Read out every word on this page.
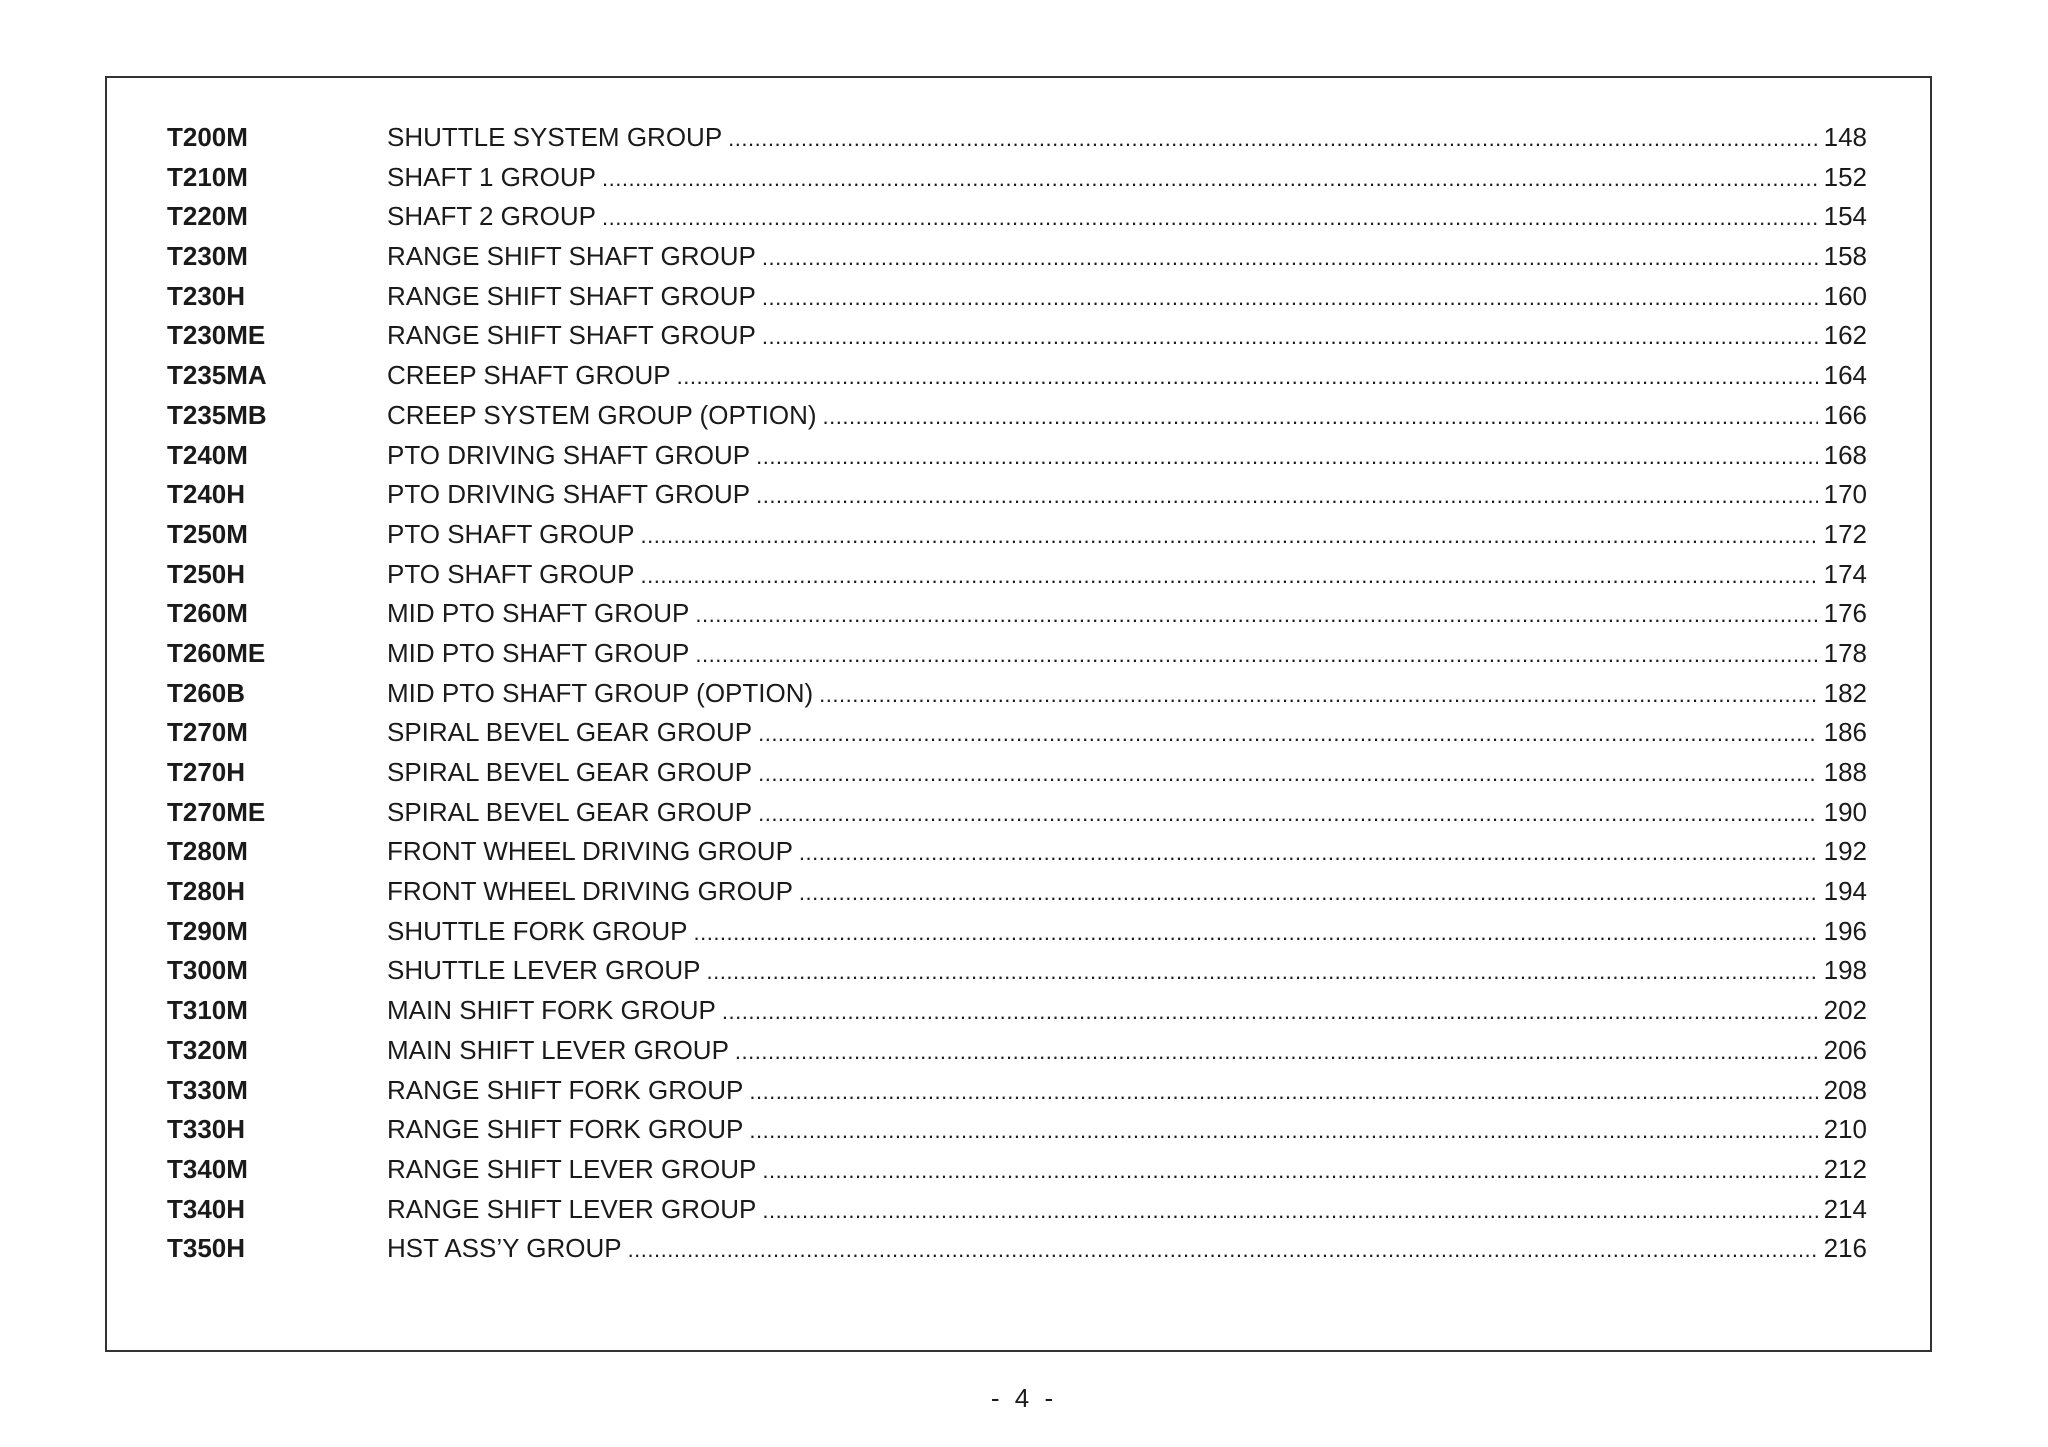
T200M	SHUTTLE SYSTEM GROUP .....	148
T210M	SHAFT 1 GROUP .....	152
T220M	SHAFT 2 GROUP .....	154
T230M	RANGE SHIFT SHAFT GROUP .....	158
T230H	RANGE SHIFT SHAFT GROUP .....	160
T230ME	RANGE SHIFT SHAFT GROUP .....	162
T235MA	CREEP SHAFT GROUP .....	164
T235MB	CREEP SYSTEM GROUP (OPTION) .....	166
T240M	PTO DRIVING SHAFT GROUP .....	168
T240H	PTO DRIVING SHAFT GROUP .....	170
T250M	PTO SHAFT GROUP .....	172
T250H	PTO SHAFT GROUP .....	174
T260M	MID PTO SHAFT GROUP .....	176
T260ME	MID PTO SHAFT GROUP .....	178
T260B	MID PTO SHAFT GROUP (OPTION) .....	182
T270M	SPIRAL BEVEL GEAR GROUP .....	186
T270H	SPIRAL BEVEL GEAR GROUP .....	188
T270ME	SPIRAL BEVEL GEAR GROUP .....	190
T280M	FRONT WHEEL DRIVING GROUP .....	192
T280H	FRONT WHEEL DRIVING GROUP .....	194
T290M	SHUTTLE FORK GROUP .....	196
T300M	SHUTTLE LEVER GROUP .....	198
T310M	MAIN SHIFT FORK GROUP .....	202
T320M	MAIN SHIFT LEVER GROUP .....	206
T330M	RANGE SHIFT FORK GROUP .....	208
T330H	RANGE SHIFT FORK GROUP .....	210
T340M	RANGE SHIFT LEVER GROUP .....	212
T340H	RANGE SHIFT LEVER GROUP .....	214
T350H	HST ASS’Y GROUP .....	216
- 4 -
